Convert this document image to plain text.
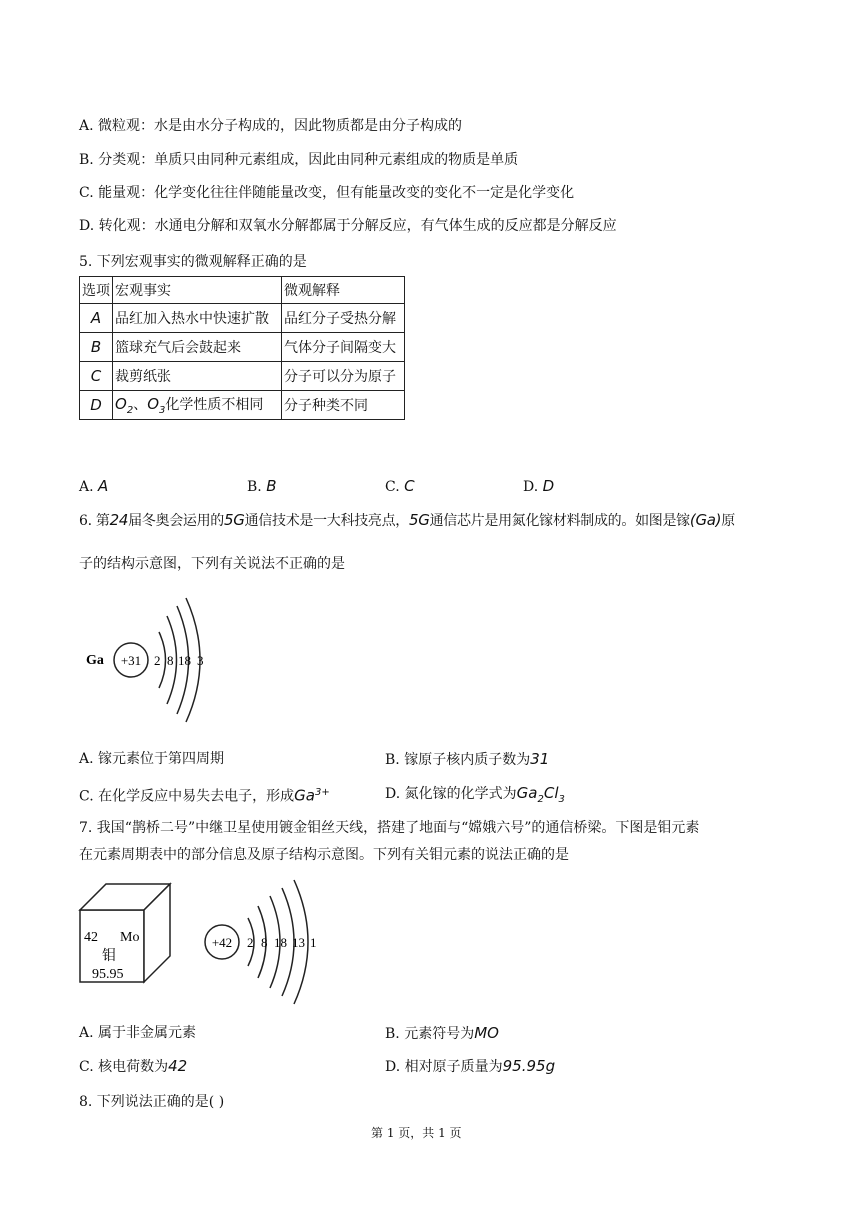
A. 微粒观：水是由水分子构成的，因此物质都是由分子构成的
B. 分类观：单质只由同种元素组成，因此由同种元素组成的物质是单质
C. 能量观：化学变化往往伴随能量改变，但有能量改变的变化不一定是化学变化
D. 转化观：水通电分解和双氧水分解都属于分解反应，有气体生成的反应都是分解反应
5. 下列宏观事实的微观解释正确的是
选项	宏观事实	微观解释
A	品红加入热水中快速扩散	品红分子受热分解
B	篮球充气后会鼓起来	气体分子间隔变大
C	裁剪纸张	分子可以分为原子
D	$O_2$、$O_3$化学性质不相同	分子种类不同
A. A	B. B	C. C	D. D
6. 第24届冬奥会运用的5G通信技术是一大科技亮点，5G通信芯片是用氮化镓材料制成的。如图是镓(Ga)原
子的结构示意图，下列有关说法不正确的是
Ga +31 2 8 18 3
A. 镓元素位于第四周期	B. 镓原子核内质子数为31
C. 在化学反应中易失去电子，形成$Ga^{3+}$	D. 氮化镓的化学式为$Ga_2Cl_3$
7. 我国“鹊桥二号”中继卫星使用镀金钼丝天线，搭建了地面与“嫦娥六号”的通信桥梁。下图是钼元素
在元素周期表中的部分信息及原子结构示意图。下列有关钼元素的说法正确的是
42 Mo
钼
95.95
+42 2 8 18 13 1
A. 属于非金属元素	B. 元素符号为MO
C. 核电荷数为42	D. 相对原子质量为95.95g
8. 下列说法正确的是( )
第 1 页，共 1 页
